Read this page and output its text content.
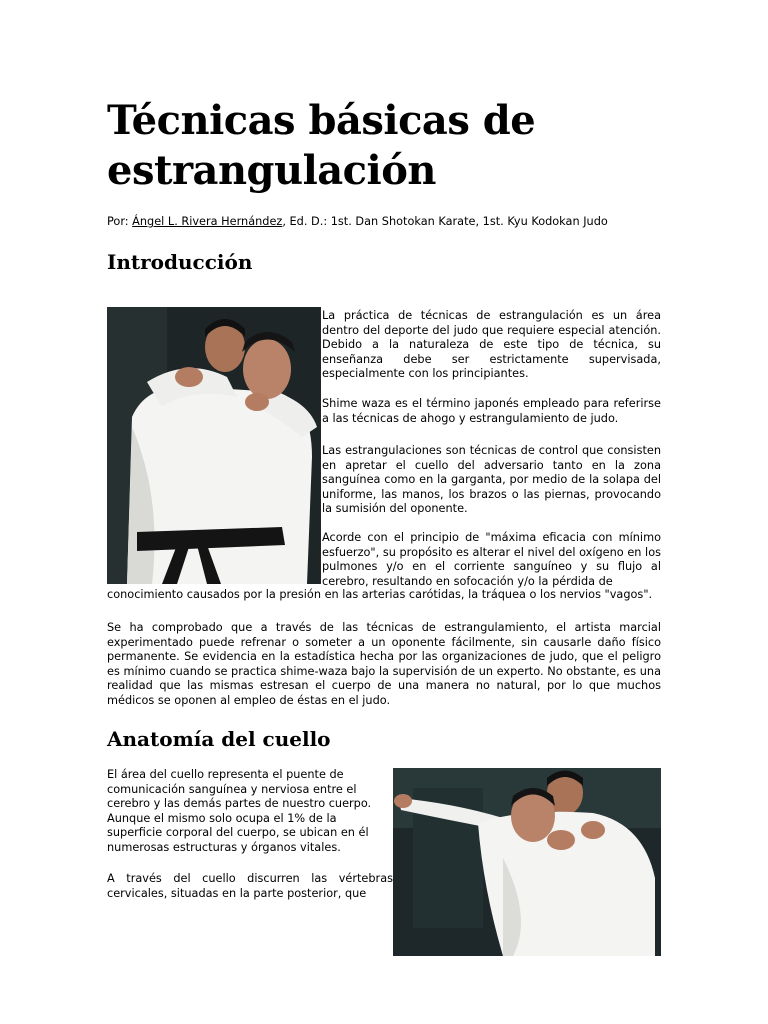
Técnicas básicas de estrangulación
Por: Ángel L. Rivera Hernández, Ed. D.: 1st. Dan Shotokan Karate, 1st. Kyu Kodokan Judo
Introducción

La práctica de técnicas de estrangulación es un área dentro del deporte del judo que requiere especial atención. Debido a la naturaleza de este tipo de técnica, su enseñanza debe ser estrictamente supervisada, especialmente con los principiantes.

Shime waza es el término japonés empleado para referirse a las técnicas de ahogo y estrangulamiento de judo.

Las estrangulaciones son técnicas de control que consisten en apretar el cuello del adversario tanto en la zona sanguínea como en la garganta, por medio de la solapa del uniforme, las manos, los brazos o las piernas, provocando la sumisión del oponente.

Acorde con el principio de "máxima eficacia con mínimo esfuerzo", su propósito es alterar el nivel del oxígeno en los pulmones y/o en el corriente sanguíneo y su flujo al cerebro, resultando en sofocación y/o la pérdida de

conocimiento causados por la presión en las arterias carótidas, la tráquea o los nervios "vagos".

Se ha comprobado que a través de las técnicas de estrangulamiento, el artista marcial experimentado puede refrenar o someter a un oponente fácilmente, sin causarle daño físico permanente. Se evidencia en la estadística hecha por las organizaciones de judo, que el peligro es mínimo cuando se practica shime-waza bajo la supervisión de un experto. No obstante, es una realidad que las mismas estresan el cuerpo de una manera no natural, por lo que muchos médicos se oponen al empleo de éstas en el judo.

Anatomía del cuello

El área del cuello representa el puente de comunicación sanguínea y nerviosa entre el cerebro y las demás partes de nuestro cuerpo. Aunque el mismo solo ocupa el 1% de la superficie corporal del cuerpo, se ubican en él numerosas estructuras y órganos vitales.

A través del cuello discurren las vértebras cervicales, situadas en la parte posterior, que
